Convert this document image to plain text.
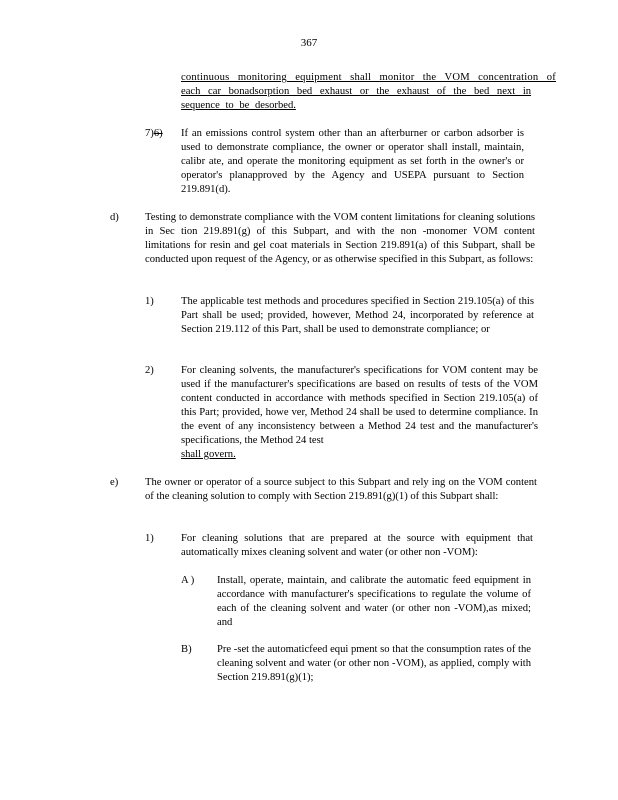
367
continuous monitoring equipment shall monitor the VOM concentration of
each car bonadsorption bed exhaust or the exhaust of the bed next in
sequence to be desorbed.
7)6)	If an emissions control system other than an afterburner or carbon adsorber is used to demonstrate compliance, the owner or operator shall install, maintain, calibr ate, and operate the monitoring equipment as set forth in the owner's or operator's planapproved by the Agency and USEPA pursuant to Section 219.891(d).
d)	Testing to demonstrate compliance with the VOM content limitations for cleaning solutions in Sec tion 219.891(g) of this Subpart, and with the non -monomer VOM content limitations for resin and gel coat materials in Section 219.891(a) of this Subpart, shall be conducted upon request of the Agency, or as otherwise specified in this Subpart, as follows:
1)	The applicable test methods and procedures specified in Section 219.105(a) of this Part shall be used; provided, however, Method 24, incorporated by reference at Section 219.112 of this Part, shall be used to demonstrate compliance; or
2)	For cleaning solvents, the manufacturer's specifications for VOM content may be used if the manufacturer's specifications are based on results of tests of the VOM content conducted in accordance with methods specified in Section 219.105(a) of this Part; provided, howe ver, Method 24 shall be used to determine compliance. In the event of any inconsistency between a Method 24 test and the manufacturer's specifications, the Method 24 test
shall govern.
e)	The owner or operator of a source subject to this Subpart and rely ing on the VOM content of the cleaning solution to comply with Section 219.891(g)(1) of this Subpart shall:
1)	For cleaning solutions that are prepared at the source with equipment that automatically mixes cleaning solvent and water (or other non -VOM):
A )	Install, operate, maintain, and calibrate the automatic feed equipment in accordance with manufacturer's specifications to regulate the volume of each of the cleaning solvent and water (or other non -VOM),as mixed; and
B)	Pre -set the automaticfeed equi pment so that the consumption rates of the cleaning solvent and water (or other non -VOM), as applied, comply with Section 219.891(g)(1);
